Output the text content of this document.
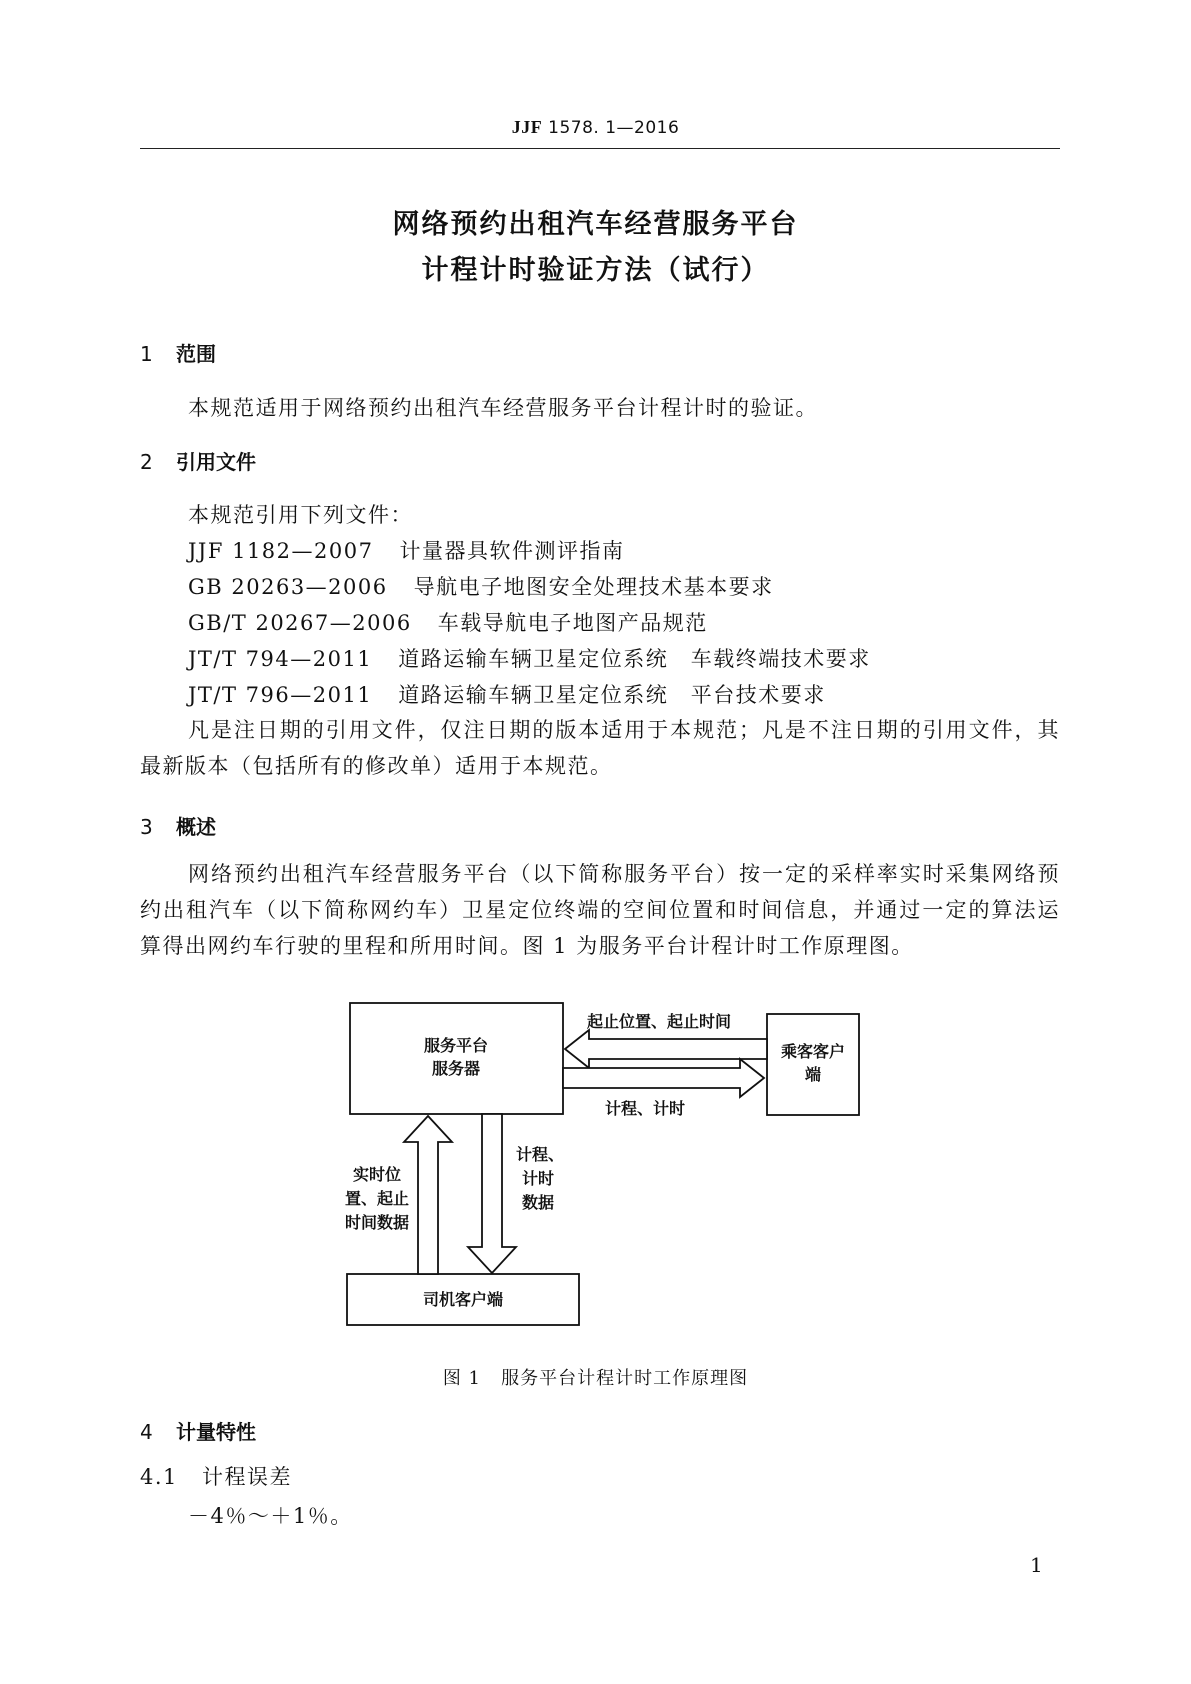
JJF 1578. 1—2016
网络预约出租汽车经营服务平台
计程计时验证方法（试行）
1 范围
本规范适用于网络预约出租汽车经营服务平台计程计时的验证。
2 引用文件
本规范引用下列文件：
JJF 1182—2007 计量器具软件测评指南
GB 20263—2006 导航电子地图安全处理技术基本要求
GB/T 20267—2006 车载导航电子地图产品规范
JT/T 794—2011 道路运输车辆卫星定位系统　车载终端技术要求
JT/T 796—2011 道路运输车辆卫星定位系统　平台技术要求
凡是注日期的引用文件，仅注日期的版本适用于本规范；凡是不注日期的引用文件，其最新版本（包括所有的修改单）适用于本规范。
3 概述
网络预约出租汽车经营服务平台（以下简称服务平台）按一定的采样率实时采集网络预约出租汽车（以下简称网约车）卫星定位终端的空间位置和时间信息，并通过一定的算法运算得出网约车行驶的里程和所用时间。图 1 为服务平台计程计时工作原理图。
服务平台
服务器
乘客客户
端
司机客户端
起止位置、起止时间
计程、计时
实时位
置、起止
时间数据
计程、
计时
数据
图 1 服务平台计程计时工作原理图
4 计量特性
4.1 计程误差
－4％～＋1％。
1
